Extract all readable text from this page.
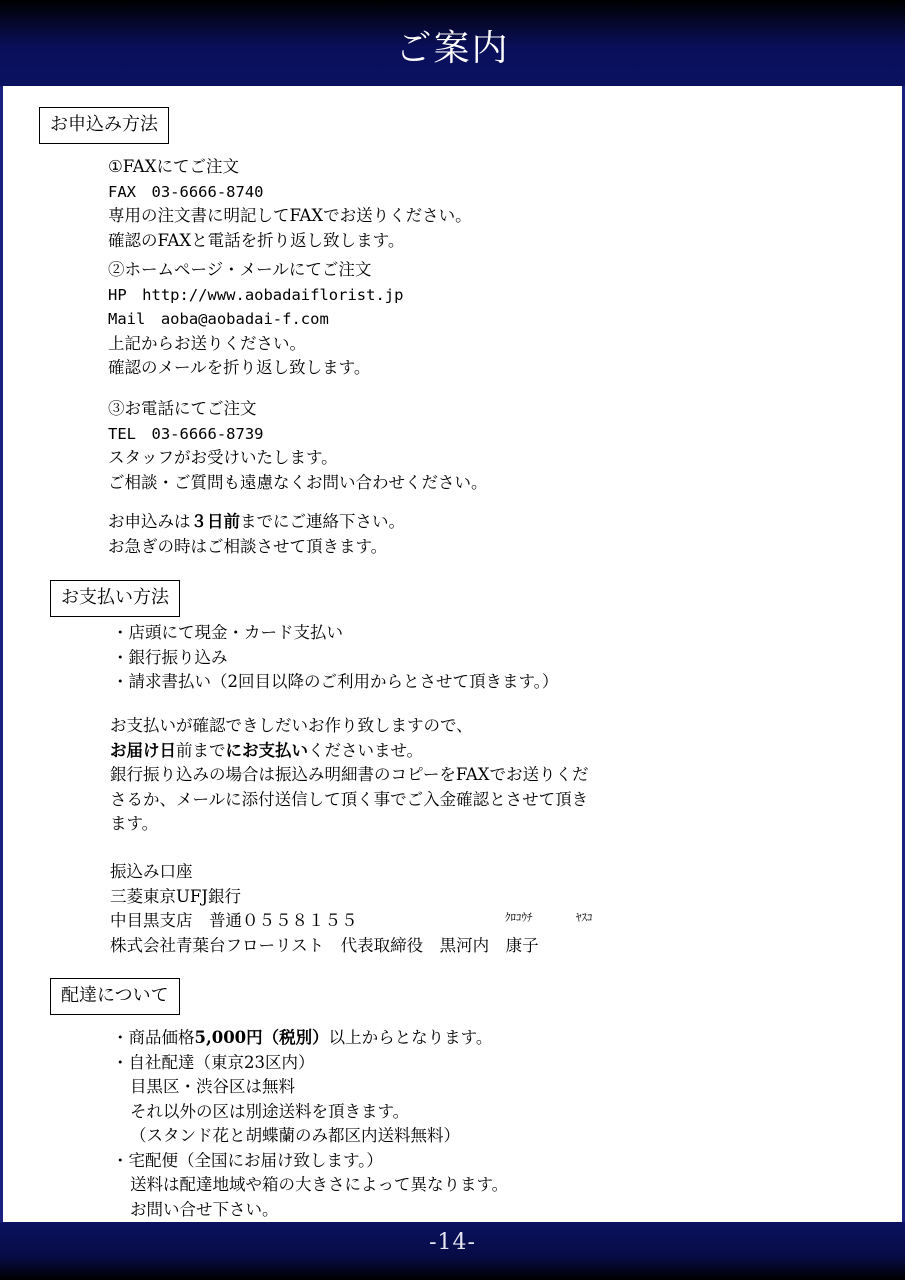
ご案内
お申込み方法
①FAXにてご注文
FAX　03-6666-8740
専用の注文書に明記してFAXでお送りください。
確認のFAXと電話を折り返し致します。
②ホームページ・メールにてご注文
HP　http://www.aobadaiflorist.jp
Mail　aoba@aobadai-f.com
上記からお送りください。
確認のメールを折り返し致します。
③お電話にてご注文
TEL　03-6666-8739
スタッフがお受けいたします。
ご相談・ご質問も遠慮なくお問い合わせください。
お申込みは３日前までにご連絡下さい。
お急ぎの時はご相談させて頂きます。
お支払い方法
・店頭にて現金・カード支払い
・銀行振り込み
・請求書払い（2回目以降のご利用からとさせて頂きます。）
お支払いが確認できしだいお作り致しますので、
お届け日前までにお支払いくださいませ。
銀行振り込みの場合は振込み明細書のコピーをFAXでお送りくだ
さるか、メールに添付送信して頂く事でご入金確認とさせて頂き
ます。
振込み口座
三菱東京UFJ銀行
中目黒支店　普通０５５８１５５
株式会社青葉台フローリスト　代表取締役　黒河内　康子
ｸﾛｺｳﾁ	ﾔｽｺ
配達について
・商品価格5,000円（税別）以上からとなります。
・自社配達（東京23区内）
目黒区・渋谷区は無料
それ以外の区は別途送料を頂きます。
（スタンド花と胡蝶蘭のみ都区内送料無料）
・宅配便（全国にお届け致します。）
送料は配達地域や箱の大きさによって異なります。
お問い合せ下さい。
-14-
